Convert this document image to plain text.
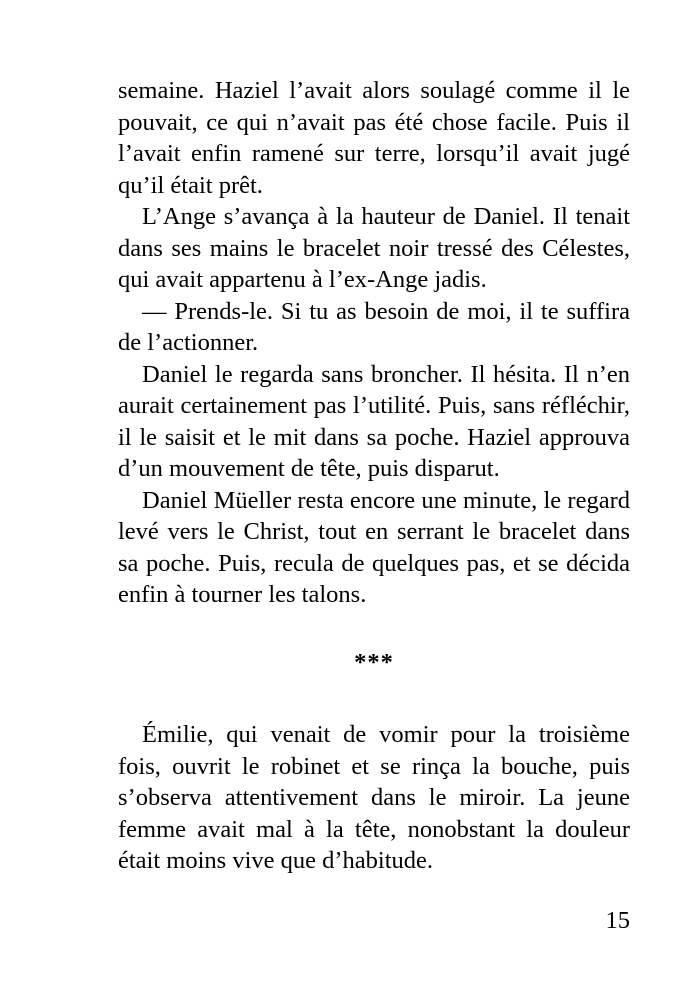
semaine. Haziel l’avait alors soulagé comme il le pouvait, ce qui n’avait pas été chose facile. Puis il l’avait enfin ramené sur terre, lorsqu’il avait jugé qu’il était prêt.

L’Ange s’avança à la hauteur de Daniel. Il tenait dans ses mains le bracelet noir tressé des Célestes, qui avait appartenu à l’ex-Ange jadis.

— Prends-le. Si tu as besoin de moi, il te suffira de l’actionner.

Daniel le regarda sans broncher. Il hésita. Il n’en aurait certainement pas l’utilité. Puis, sans réfléchir, il le saisit et le mit dans sa poche. Haziel approuva d’un mouvement de tête, puis disparut.

Daniel Müeller resta encore une minute, le regard levé vers le Christ, tout en serrant le bracelet dans sa poche. Puis, recula de quelques pas, et se décida enfin à tourner les talons.

***

Émilie, qui venait de vomir pour la troisième fois, ouvrit le robinet et se rinça la bouche, puis s’observa attentivement dans le miroir. La jeune femme avait mal à la tête, nonobstant la douleur était moins vive que d’habitude.

15
